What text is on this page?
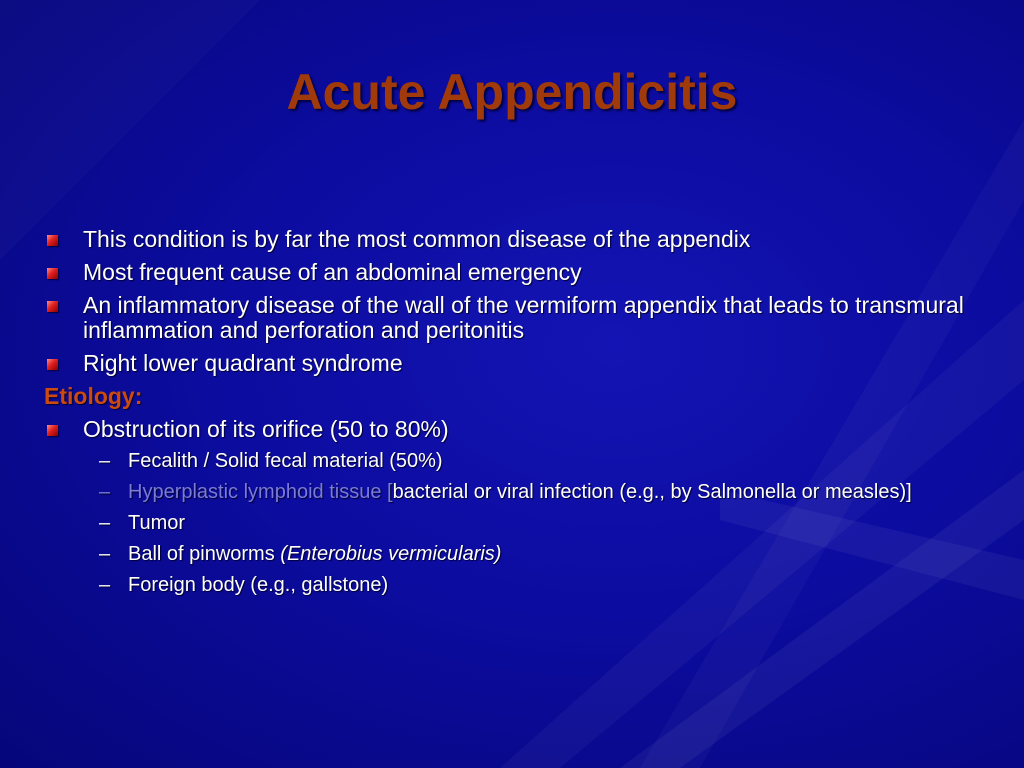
Acute Appendicitis
This condition is by far the most common disease of the appendix
Most frequent cause of an abdominal emergency
An inflammatory disease of the wall of the vermiform appendix that leads to transmural inflammation and perforation and peritonitis
Right lower quadrant syndrome
Etiology:
Obstruction of its orifice (50 to 80%)
– Fecalith / Solid fecal material (50%)
– Hyperplastic lymphoid tissue [bacterial or viral infection (e.g., by Salmonella or measles)]
– Tumor
– Ball of pinworms (Enterobius vermicularis)
– Foreign body (e.g., gallstone)
